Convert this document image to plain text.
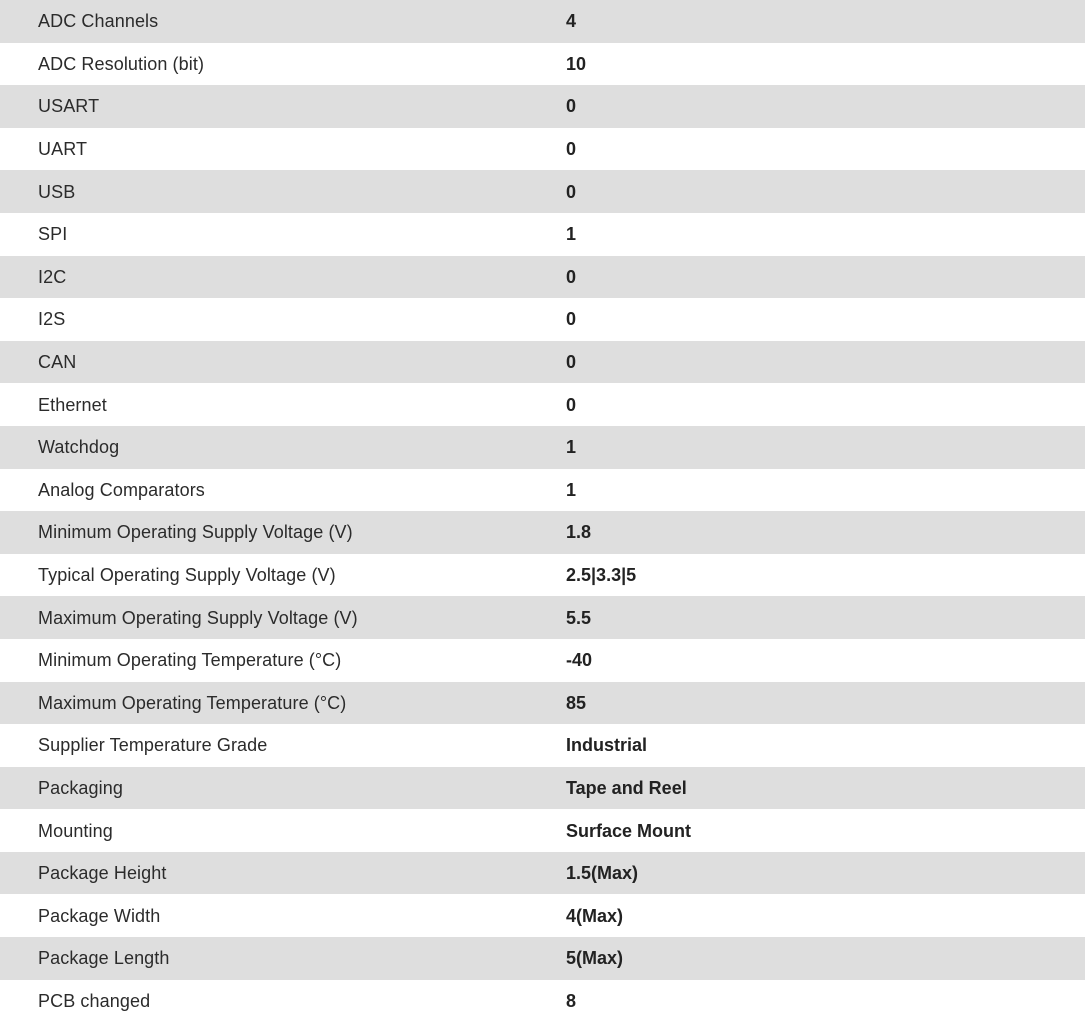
ADC Channels	4
ADC Resolution (bit)	10
USART	0
UART	0
USB	0
SPI	1
I2C	0
I2S	0
CAN	0
Ethernet	0
Watchdog	1
Analog Comparators	1
Minimum Operating Supply Voltage (V)	1.8
Typical Operating Supply Voltage (V)	2.5|3.3|5
Maximum Operating Supply Voltage (V)	5.5
Minimum Operating Temperature (°C)	-40
Maximum Operating Temperature (°C)	85
Supplier Temperature Grade	Industrial
Packaging	Tape and Reel
Mounting	Surface Mount
Package Height	1.5(Max)
Package Width	4(Max)
Package Length	5(Max)
PCB changed	8
